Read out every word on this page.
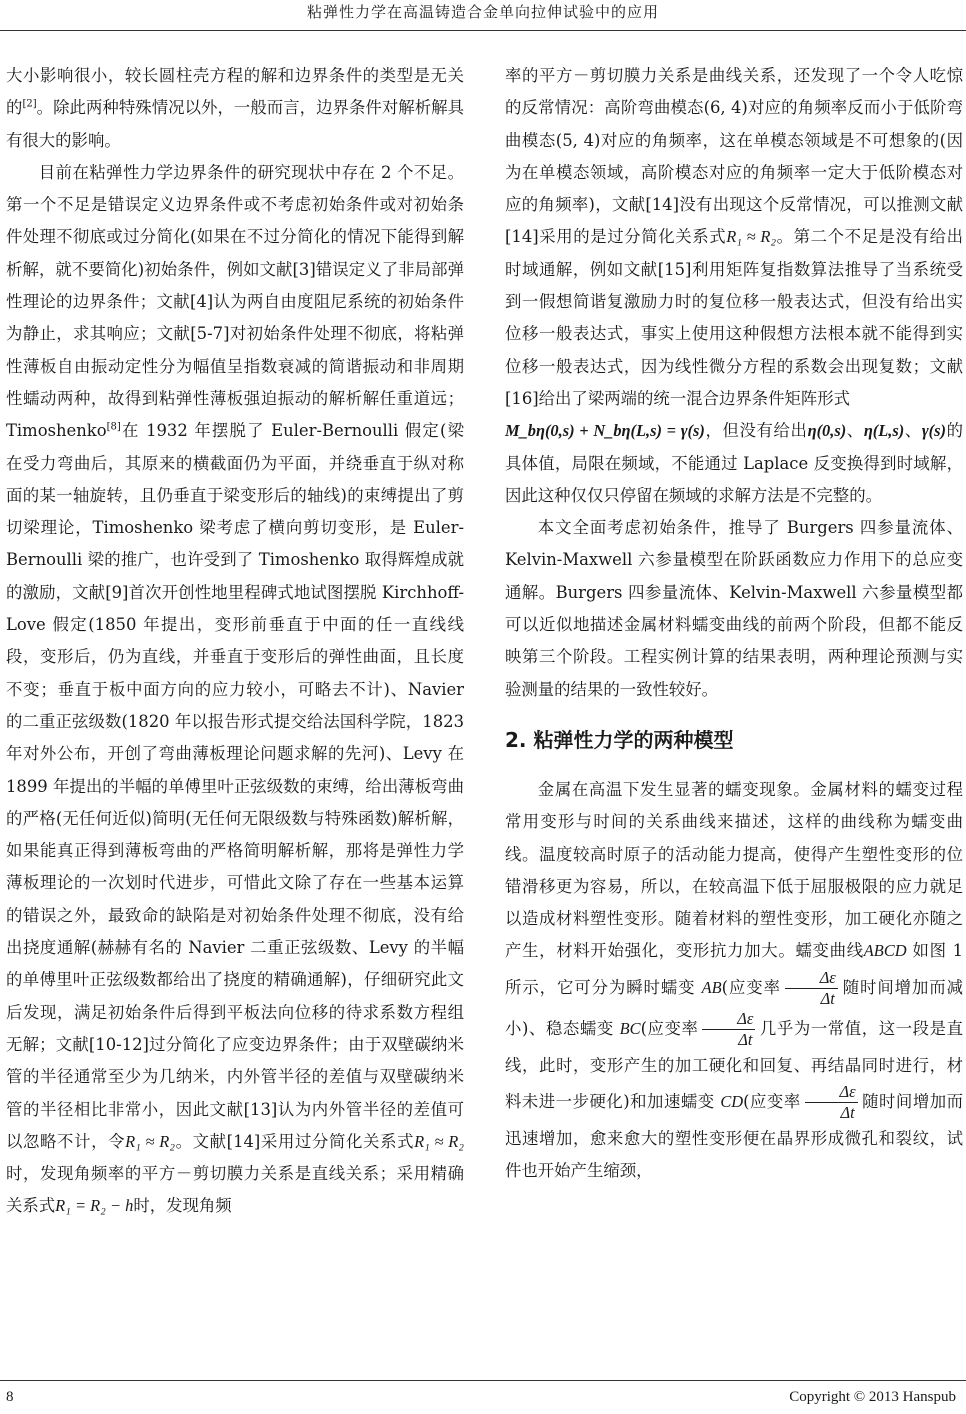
粘弹性力学在高温铸造合金单向拉伸试验中的应用

大小影响很小，较长圆柱壳方程的解和边界条件的类型是无关的[2]。除此两种特殊情况以外，一般而言，边界条件对解析解具有很大的影响。

目前在粘弹性力学边界条件的研究现状中存在 2 个不足。第一个不足是错误定义边界条件或不考虑初始条件或对初始条件处理不彻底或过分简化(如果在不过分简化的情况下能得到解析解，就不要简化)初始条件，例如文献[3]错误定义了非局部弹性理论的边界条件；文献[4]认为两自由度阻尼系统的初始条件为静止，求其响应；文献[5-7]对初始条件处理不彻底，将粘弹性薄板自由振动定性分为幅值呈指数衰减的简谐振动和非周期性蠕动两种，故得到粘弹性薄板强迫振动的解析解任重道远；Timoshenko[8]在 1932 年摆脱了 Euler-Bernoulli 假定(梁在受力弯曲后，其原来的横截面仍为平面，并绕垂直于纵对称面的某一轴旋转，且仍垂直于梁变形后的轴线)的束缚提出了剪切梁理论，Timoshenko 梁考虑了横向剪切变形，是 Euler-Bernoulli 梁的推广，也许受到了 Timoshenko 取得辉煌成就的激励，文献[9]首次开创性地里程碑式地试图摆脱 Kirchhoff-Love 假定(1850 年提出，变形前垂直于中面的任一直线线段，变形后，仍为直线，并垂直于变形后的弹性曲面，且长度不变；垂直于板中面方向的应力较小，可略去不计)、Navier 的二重正弦级数(1820 年以报告形式提交给法国科学院，1823 年对外公布，开创了弯曲薄板理论问题求解的先河)、Levy 在 1899 年提出的半幅的单傅里叶正弦级数的束缚，给出薄板弯曲的严格(无任何近似)简明(无任何无限级数与特殊函数)解析解，如果能真正得到薄板弯曲的严格简明解析解，那将是弹性力学薄板理论的一次划时代进步，可惜此文除了存在一些基本运算的错误之外，最致命的缺陷是对初始条件处理不彻底，没有给出挠度通解(赫赫有名的 Navier 二重正弦级数、Levy 的半幅的单傅里叶正弦级数都给出了挠度的精确通解)，仔细研究此文后发现，满足初始条件后得到平板法向位移的待求系数方程组无解；文献[10-12]过分简化了应变边界条件；由于双壁碳纳米管的半径通常至少为几纳米，内外管半径的差值与双壁碳纳米管的半径相比非常小，因此文献[13]认为内外管半径的差值可以忽略不计，令R₁ ≈ R₂。文献[14]采用过分简化关系式R₁ ≈ R₂时，发现角频率的平方－剪切膜力关系是直线关系；采用精确关系式R₁ = R₂ − h时，发现角频

率的平方－剪切膜力关系是曲线关系，还发现了一个令人吃惊的反常情况：高阶弯曲模态(6, 4)对应的角频率反而小于低阶弯曲模态(5, 4)对应的角频率，这在单模态领域是不可想象的(因为在单模态领域，高阶模态对应的角频率一定大于低阶模态对应的角频率)，文献[14]没有出现这个反常情况，可以推测文献[14]采用的是过分简化关系式R₁ ≈ R₂。第二个不足是没有给出时域通解，例如文献[15]利用矩阵复指数算法推导了当系统受到一假想简谐复激励力时的复位移一般表达式，但没有给出实位移一般表达式，事实上使用这种假想方法根本就不能得到实位移一般表达式，因为线性微分方程的系数会出现复数；文献[16]给出了梁两端的统一混合边界条件矩阵形式
M_bη(0,s) + N_bη(L,s) = γ(s)，但没有给出η(0,s)、η(L,s)、γ(s)的具体值，局限在频域，不能通过 Laplace 反变换得到时域解，因此这种仅仅只停留在频域的求解方法是不完整的。

本文全面考虑初始条件，推导了 Burgers 四参量流体、Kelvin-Maxwell 六参量模型在阶跃函数应力作用下的总应变通解。Burgers 四参量流体、Kelvin-Maxwell 六参量模型都可以近似地描述金属材料蠕变曲线的前两个阶段，但都不能反映第三个阶段。工程实例计算的结果表明，两种理论预测与实验测量的结果的一致性较好。

2. 粘弹性力学的两种模型

金属在高温下发生显著的蠕变现象。金属材料的蠕变过程常用变形与时间的关系曲线来描述，这样的曲线称为蠕变曲线。温度较高时原子的活动能力提高，使得产生塑性变形的位错滑移更为容易，所以，在较高温下低于屈服极限的应力就足以造成材料塑性变形。随着材料的塑性变形，加工硬化亦随之产生，材料开始强化，变形抗力加大。蠕变曲线ABCD 如图 1 所示，它可分为瞬时蠕变 AB(应变率 $\frac{\Delta\varepsilon}{\Delta t}$ 随时间增加而减小)、稳态蠕变 BC(应变率 $\frac{\Delta\varepsilon}{\Delta t}$ 几乎为一常值，这一段是直线，此时，变形产生的加工硬化和回复、再结晶同时进行，材料未进一步硬化)和加速蠕变 CD(应变率 $\frac{\Delta\varepsilon}{\Delta t}$ 随时间增加而迅速增加，愈来愈大的塑性变形便在晶界形成微孔和裂纹，试件也开始产生缩颈，

8	Copyright © 2013 Hanspub
